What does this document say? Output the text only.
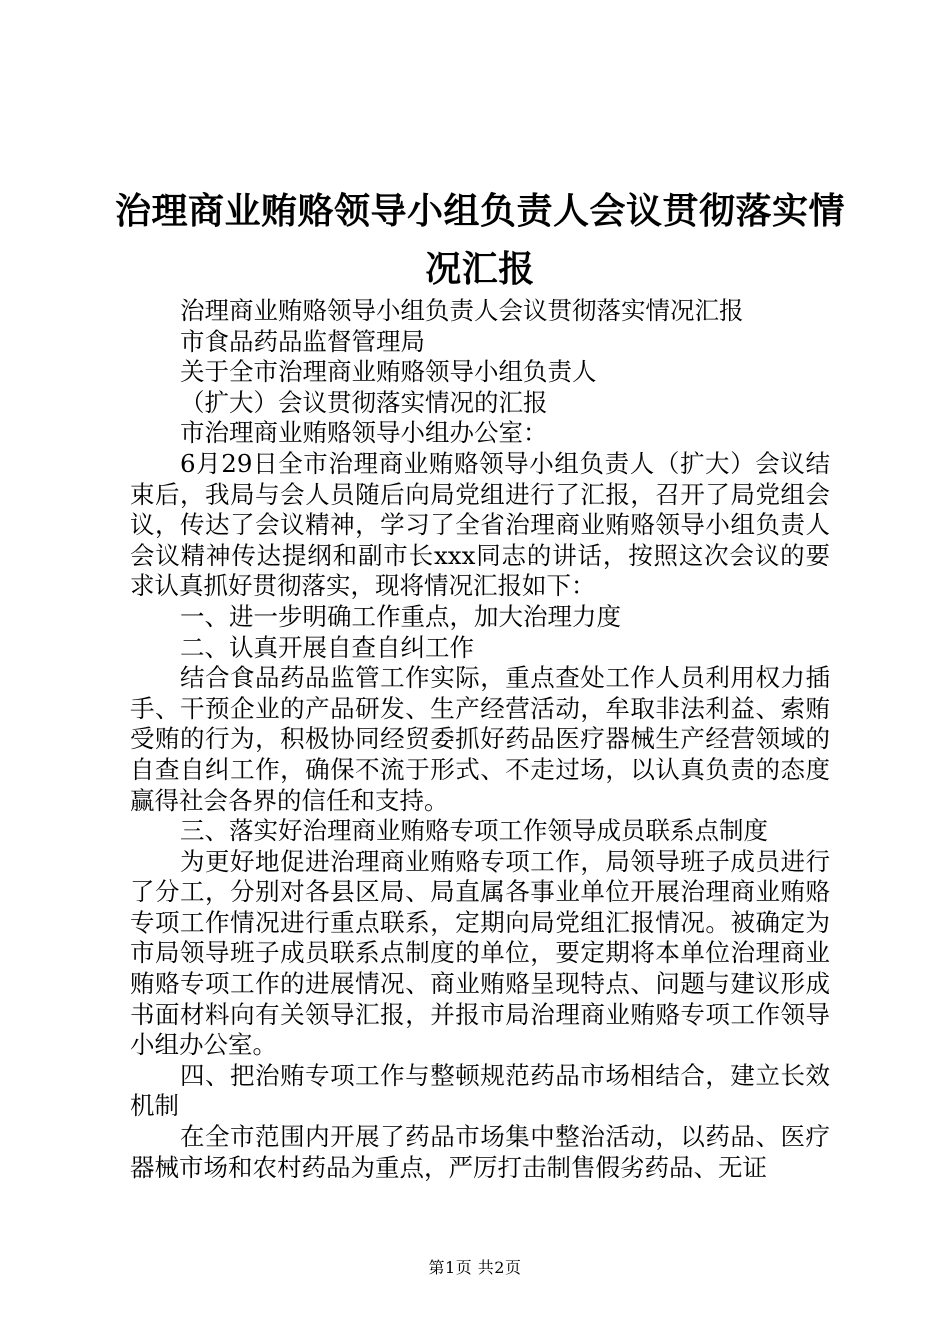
治理商业贿赂领导小组负责人会议贯彻落实情况汇报

治理商业贿赂领导小组负责人会议贯彻落实情况汇报

市食品药品监督管理局

关于全市治理商业贿赂领导小组负责人

（扩大）会议贯彻落实情况的汇报

市治理商业贿赂领导小组办公室：

6月29日全市治理商业贿赂领导小组负责人（扩大）会议结束后，我局与会人员随后向局党组进行了汇报，召开了局党组会议，传达了会议精神，学习了全省治理商业贿赂领导小组负责人会议精神传达提纲和副市长xxx同志的讲话，按照这次会议的要求认真抓好贯彻落实，现将情况汇报如下：

一、进一步明确工作重点，加大治理力度

二、认真开展自查自纠工作

结合食品药品监管工作实际，重点查处工作人员利用权力插手、干预企业的产品研发、生产经营活动，牟取非法利益、索贿受贿的行为，积极协同经贸委抓好药品医疗器械生产经营领域的自查自纠工作，确保不流于形式、不走过场，以认真负责的态度赢得社会各界的信任和支持。

三、落实好治理商业贿赂专项工作领导成员联系点制度

为更好地促进治理商业贿赂专项工作，局领导班子成员进行了分工，分别对各县区局、局直属各事业单位开展治理商业贿赂专项工作情况进行重点联系，定期向局党组汇报情况。被确定为市局领导班子成员联系点制度的单位，要定期将本单位治理商业贿赂专项工作的进展情况、商业贿赂呈现特点、问题与建议形成书面材料向有关领导汇报，并报市局治理商业贿赂专项工作领导小组办公室。

四、把治贿专项工作与整顿规范药品市场相结合，建立长效机制

在全市范围内开展了药品市场集中整治活动，以药品、医疗器械市场和农村药品为重点，严厉打击制售假劣药品、无证

第1页 共2页
